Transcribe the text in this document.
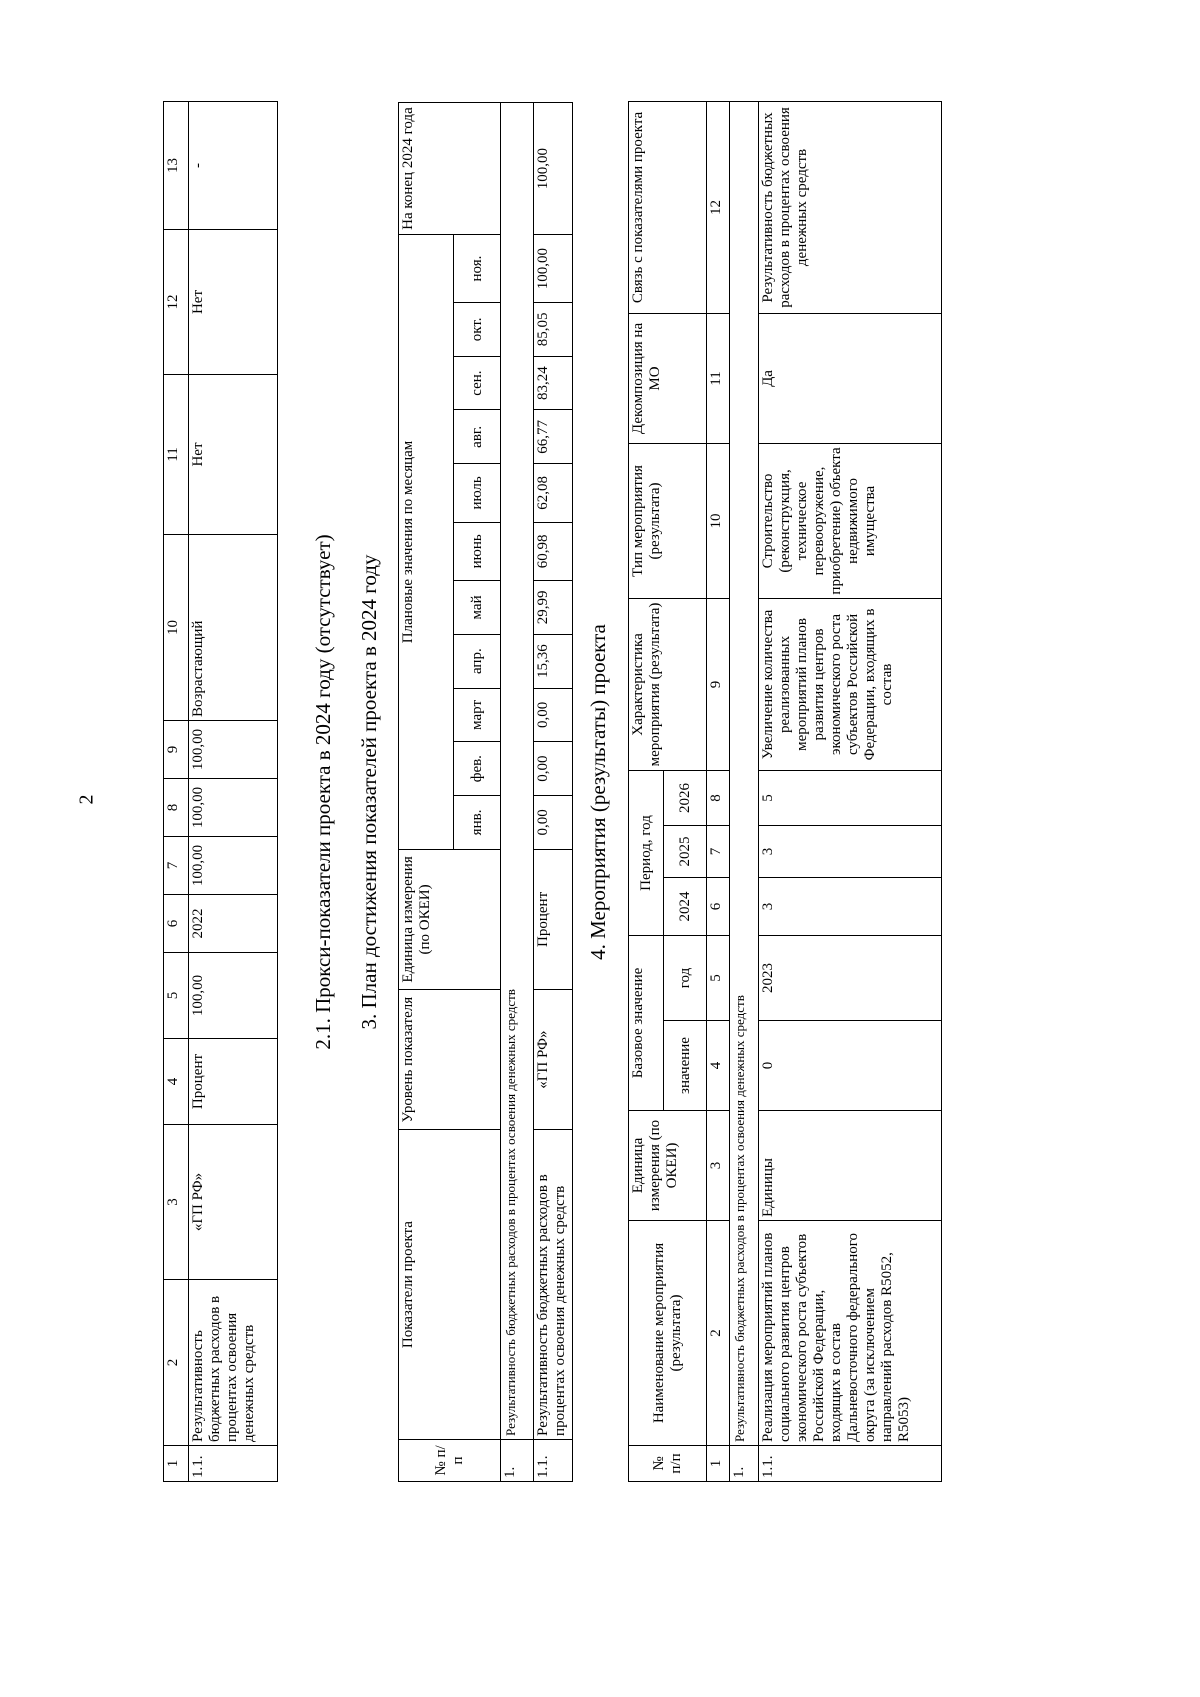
2
1	2	3	4	5	6	7	8	9	10	11	12	13
1.1.	Результативность бюджетных расходов в процентах освоения денежных средств	«ГП РФ»	Процент	100,00	2022	100,00	100,00	100,00	Возрастающий	Нет	Нет	-
2.1. Прокси-показатели проекта в 2024 году (отсутствует) 3. План достижения показателей проекта в 2024 году
№ п/п	Показатели проекта	Уровень показателя	Единица измерения (по ОКЕИ)	Плановые значения по месяцам											На конец 2024 года
				янв.	фев.	март	апр.	май	июнь	июль	авг.	сен.	окт.	ноя.	
1.	Результативность бюджетных расходов в процентах освоения денежных средств														
1.1.	Результативность бюджетных расходов в процентах освоения денежных средств	«ГП РФ»	Процент	0,00	0,00	0,00	15,36	29,99	60,98	62,08	66,77	83,24	85,05	100,00	100,00
4. Мероприятия (результаты) проекта
№ п/п	Наименование мероприятия (результата)	Единица измерения (по ОКЕИ)	Базовое значение		Период, год			Характеристика мероприятия (результата)	Тип мероприятия (результата)	Декомпозиция на МО	Связь с показателями проекта
			значение	год	2024	2025	2026				
1	2	3	4	5	6	7	8	9	10	11	12
1.	Результативность бюджетных расходов в процентах освоения денежных средств										
1.1.	Реализация мероприятий планов социального развития центров экономического роста субъектов Российской Федерации, входящих в состав Дальневосточного федерального округа (за исключением направлений расходов R5052, R5053)	Единицы	0	2023	3	3	5	Увеличение количества реализованных мероприятий планов развития центров экономического роста субъектов Российской Федерации, входящих в состав	Строительство (реконструкция, техническое перевооружение, приобретение) объекта недвижимого имущества	Да	Результативность бюджетных расходов в процентах освоения денежных средств
